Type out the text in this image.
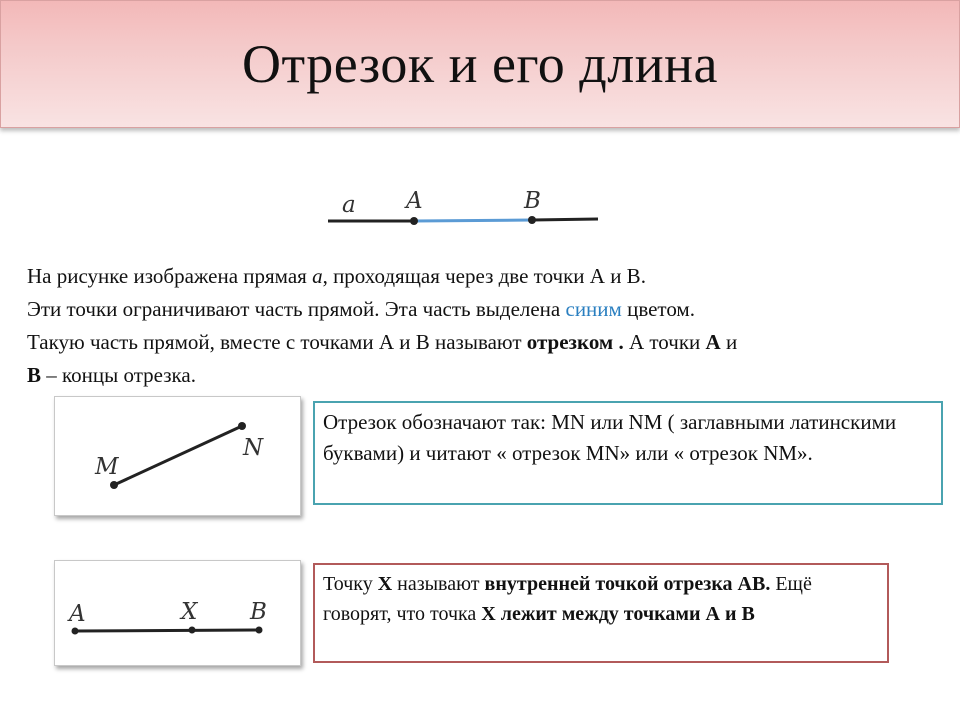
Отрезок и его длина
a A	B
На рисунке изображена прямая a, проходящая через две точки А и В.
Эти точки ограничивают часть прямой. Эта часть выделена синим цветом.
Такую часть прямой, вместе с точками А и В называют отрезком . А точки А и
В – концы отрезка.
M
N
Отрезок обозначают так: MN или NM ( заглавными латинскими буквами) и читают « отрезок MN» или « отрезок NM».
A	X B
Точку Х называют внутренней точкой отрезка АВ. Ещё говорят, что точка Х лежит между точками А и В
